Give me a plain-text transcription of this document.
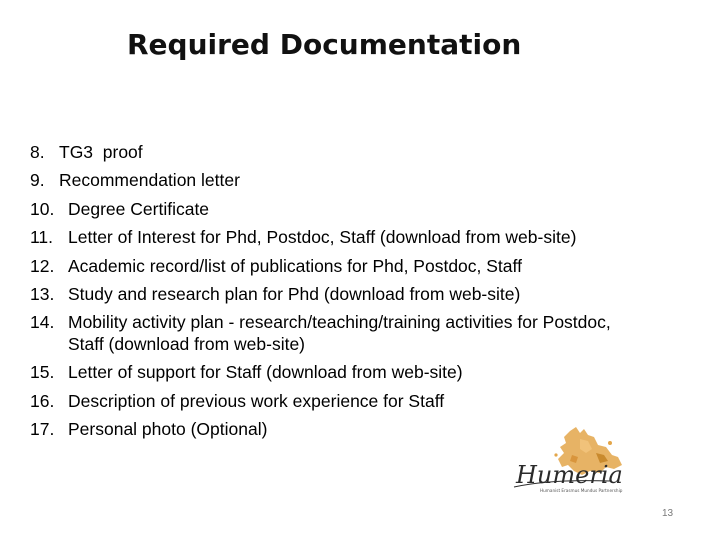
Required Documentation
8. TG3  proof
9. Recommendation letter
10. Degree Certificate
11. Letter of Interest for Phd, Postdoc, Staff (download from web-site)
12. Academic record/list of publications for Phd, Postdoc, Staff
13. Study and research plan for Phd (download from web-site)
14. Mobility activity plan - research/teaching/training activities for Postdoc,
Staff (download from web-site)
15. Letter of support for Staff (download from web-site)
16. Description of previous work experience for Staff
17. Personal photo (Optional)
Humeria
Humanist Erasmus Mundus Partnership
13
